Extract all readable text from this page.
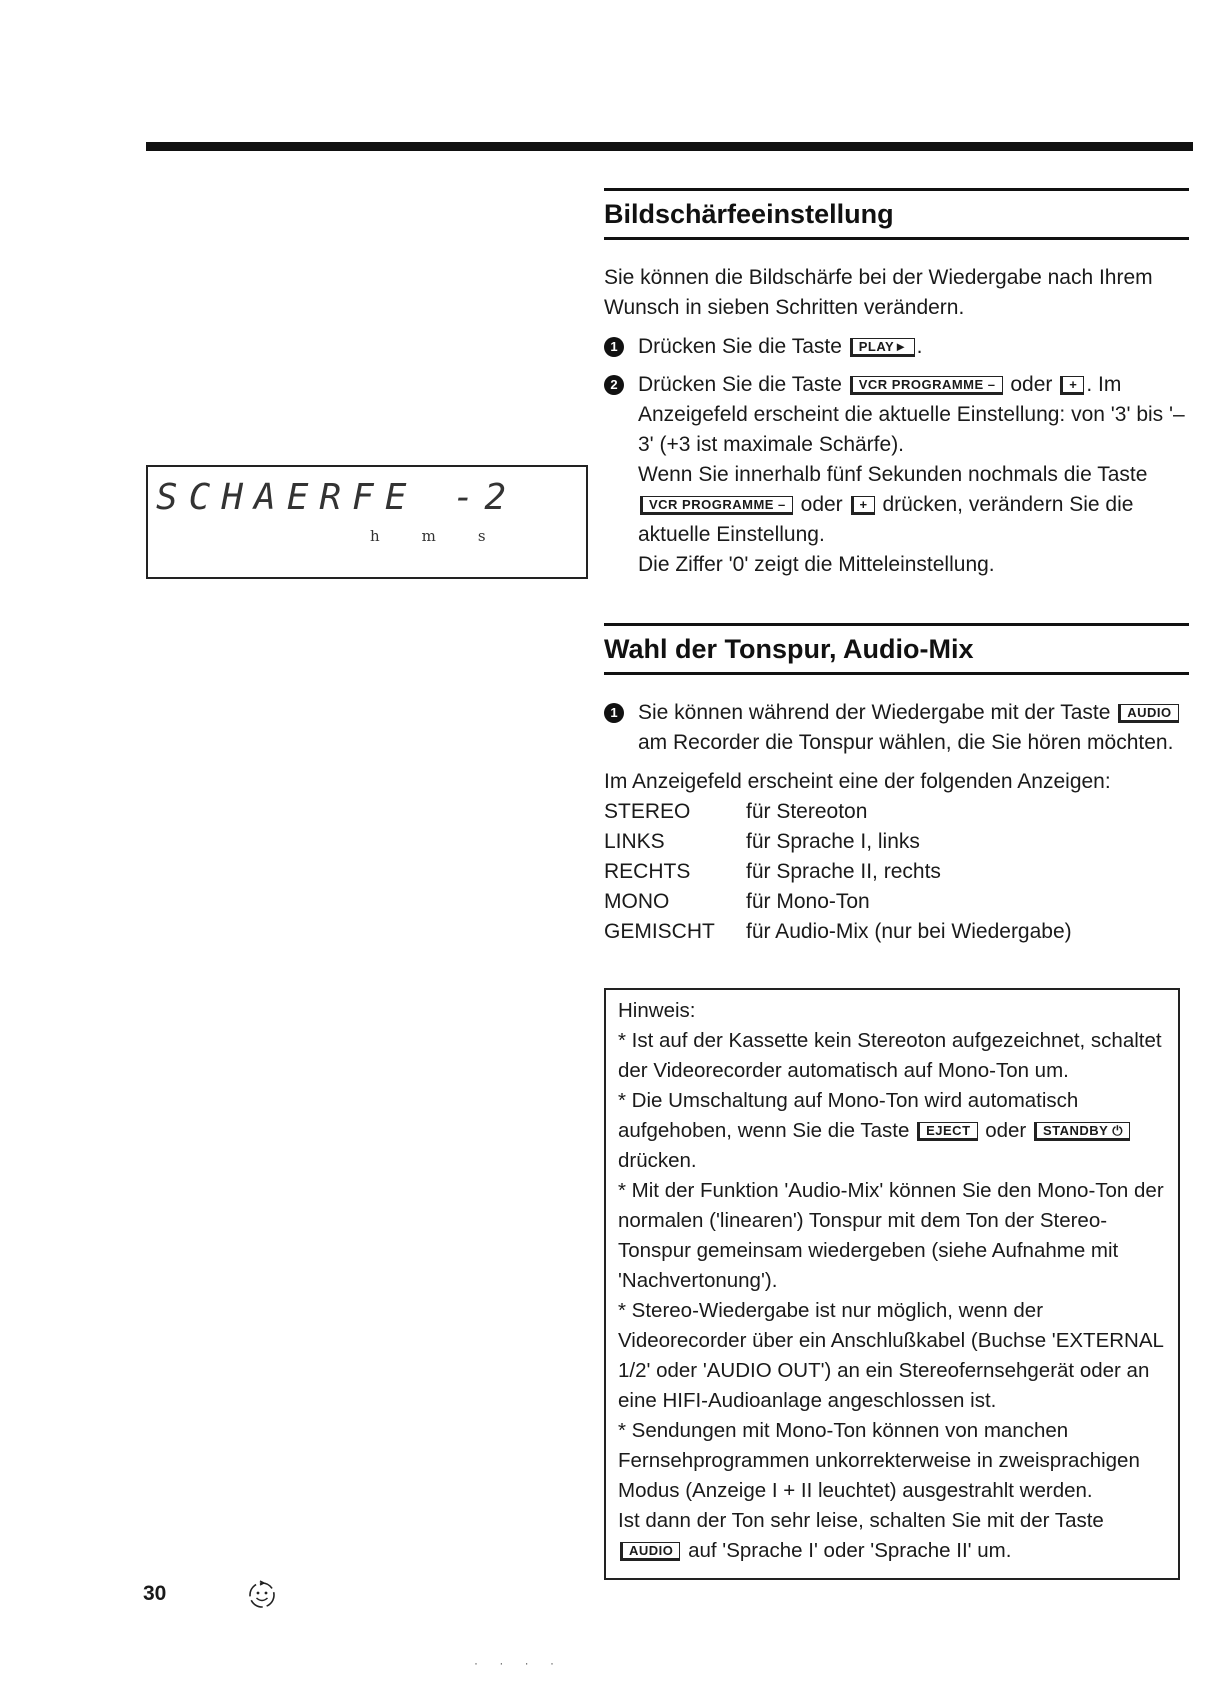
SCHAERFE -2
h	m	s
Bildschärfeeinstellung

Sie können die Bildschärfe bei der Wiedergabe nach Ihrem Wunsch in sieben Schritten verändern.

1 Drücken Sie die Taste PLAY► .
2 Drücken Sie die Taste VCR PROGRAMME – oder + . Im Anzeigefeld erscheint die aktuelle Einstellung: von '3' bis '–3' (+3 ist maximale Schärfe).
Wenn Sie innerhalb fünf Sekunden nochmals die Taste VCR PROGRAMME – oder + drücken, verändern Sie die aktuelle Einstellung.
Die Ziffer '0' zeigt die Mitteleinstellung.
Wahl der Tonspur, Audio-Mix
1 Sie können während der Wiedergabe mit der Taste AUDIO am Recorder die Tonspur wählen, die Sie hören möchten.

Im Anzeigefeld erscheint eine der folgenden Anzeigen:

STEREO	für Stereoton
LINKS	für Sprache I, links
RECHTS	für Sprache II, rechts
MONO	für Mono-Ton
GEMISCHT	für Audio-Mix (nur bei Wiedergabe)

Hinweis:

* Ist auf der Kassette kein Stereoton aufgezeichnet, schaltet der Videorecorder automatisch auf Mono-Ton um.

* Die Umschaltung auf Mono-Ton wird automatisch aufgehoben, wenn Sie die Taste EJECT oder STANDBY ⏻ drücken.

* Mit der Funktion 'Audio-Mix' können Sie den Mono-Ton der normalen ('linearen') Tonspur mit dem Ton der Stereo-Tonspur gemeinsam wiedergeben (siehe Aufnahme mit 'Nachvertonung').

* Stereo-Wiedergabe ist nur möglich, wenn der Videorecorder über ein Anschlußkabel (Buchse 'EXTERNAL 1/2' oder 'AUDIO OUT') an ein Stereofernsehgerät oder an eine HIFI-Audioanlage angeschlossen ist.

* Sendungen mit Mono-Ton können von manchen Fernsehprogrammen unkorrekterweise in zweisprachigen Modus (Anzeige I + II leuchtet) ausgestrahlt werden.

Ist dann der Ton sehr leise, schalten Sie mit der Taste AUDIO auf 'Sprache I' oder 'Sprache II' um.

30
· · · ·
